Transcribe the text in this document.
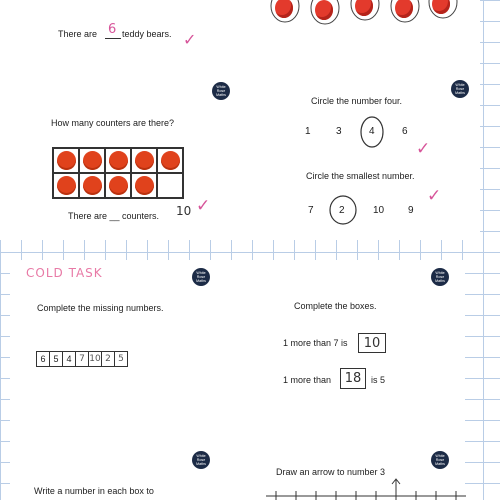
There are 6 teddy bears. ✓
White
Rose
Maths
White
Rose
Maths
How many counters are there?
There are __ counters. 10 ✓
Circle the number four.
1	3	4	6
✓
Circle the smallest number.
7	2	10 9
✓
COLD TASK	White
Rose
Maths
White
Rose
Maths
Complete the missing numbers.
6 5 4 7 10 2 5
Complete the boxes.
1 more than 7 is	10
1 more than	18	is 5
White
Rose
Maths
White
Rose
Maths
Write a number in each box to
Draw an arrow to number 3
